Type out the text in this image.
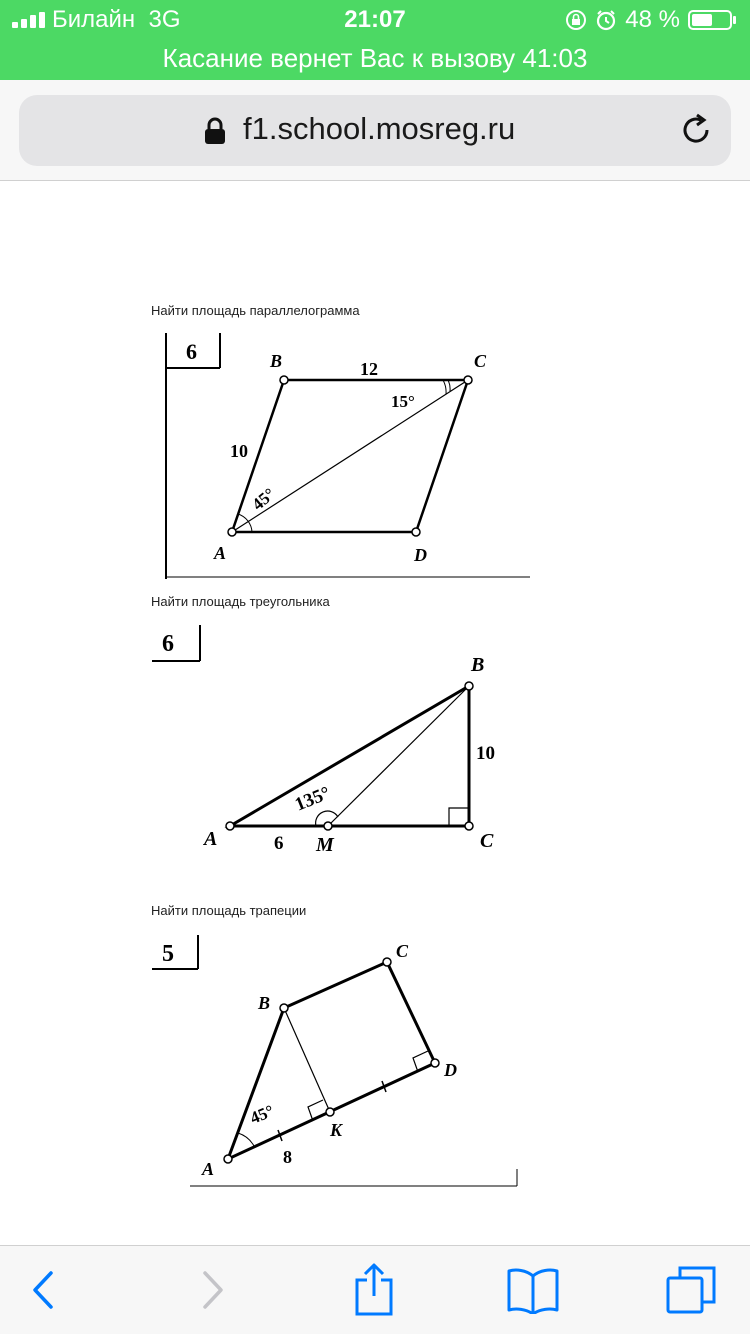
Билайн 3G	21:07	48 %
Касание вернет Вас к вызову 41:03
f1.school.mosreg.ru
Найти площадь параллелограмма
6
A
B	C
D
12
10
15°
45°
Найти площадь треугольника
6
A
B
C
M
10
6
135°
Найти площадь трапеции
5
A
B
C
D
K
8
45°
